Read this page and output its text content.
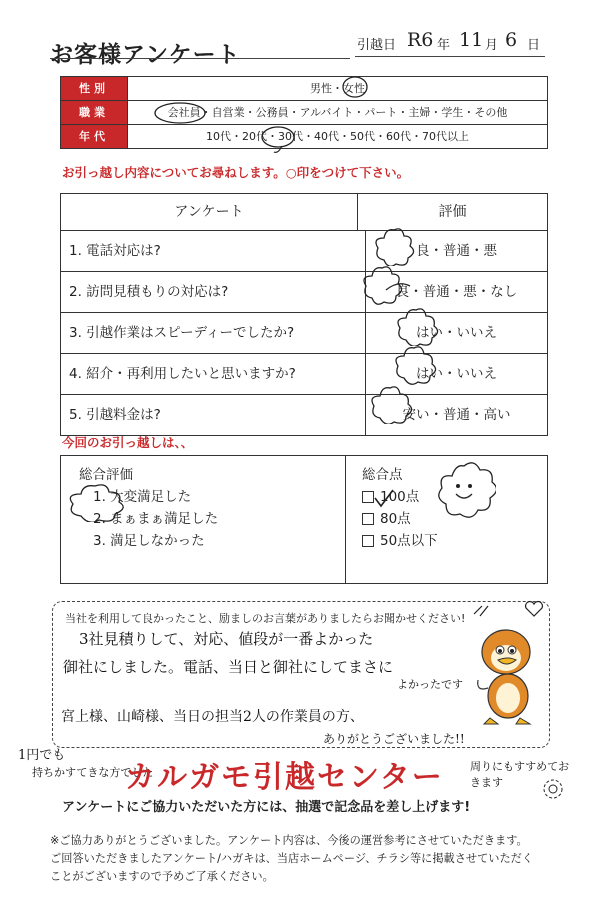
お客様アンケート	引越日 R6 年 11 月 6 日
性別	男性・女性
職業	会社員・自営業・公務員・アルバイト・パート・主婦・学生・その他
年代	10代・20代・30代・40代・50代・60代・70代以上
お引っ越し内容についてお尋ねします。○印をつけて下さい。
アンケート	評価
1. 電話対応は?	良・普通・悪
2. 訪問見積もりの対応は?	良・普通・悪・なし
3. 引越作業はスピーディーでしたか?	はい・いいえ
4. 紹介・再利用したいと思いますか?	はい・いいえ
5. 引越料金は?	安い・普通・高い
今回のお引っ越しは、、
総合評価
1. 大変満足した
2. まぁまぁ満足した
3. 満足しなかった
総合点
100点
80点
50点以下
当社を利用して良かったこと、励ましのお言葉がありましたらお聞かせください!
3社見積りして、対応、値段が一番よかった
御社にしました。電話、当日と御社にしてまさに
よかったです
宮上様、山崎様、当日の担当2人の作業員の方、
ありがとうございました!!
1円でも
持ちかすてきな方でした	周りにもすすめておきます
カルガモ引越センター
アンケートにご協力いただいた方には、抽選で記念品を差し上げます!
※ご協力ありがとうございました。アンケート内容は、今後の運営参考にさせていただきます。
ご回答いただきましたアンケート/ハガキは、当店ホームページ、チラシ等に掲載させていただく
ことがございますので予めご了承ください。
